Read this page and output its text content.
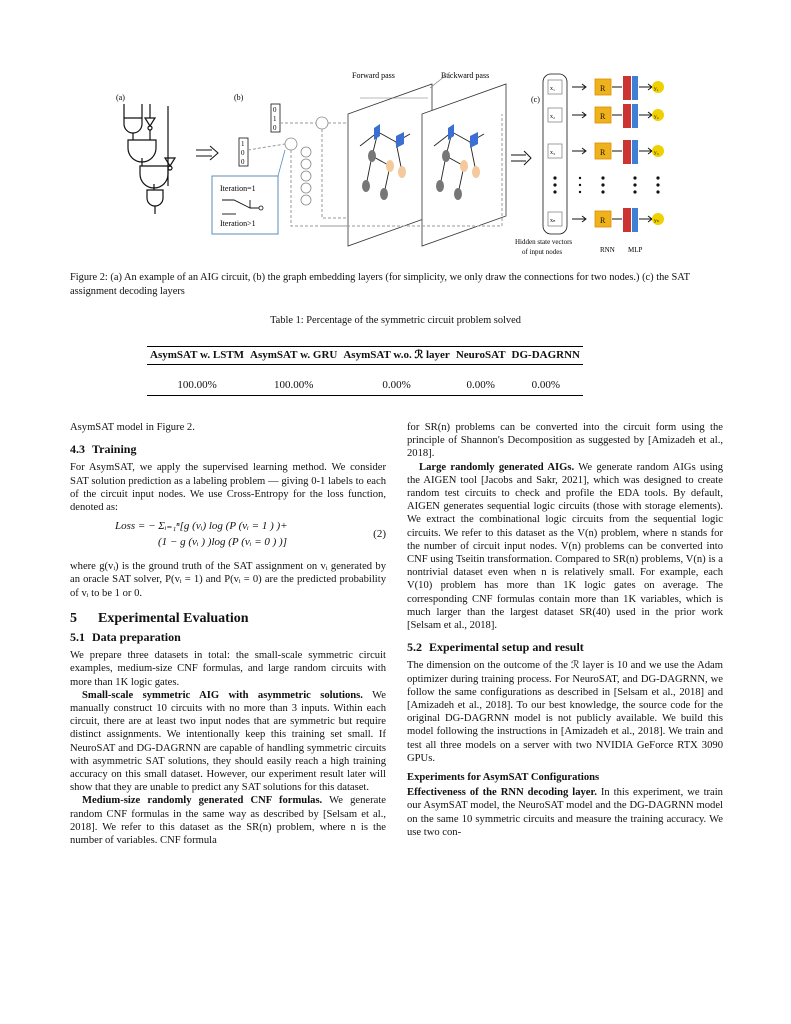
(a)	(b)	(c)
Forward pass	Backward pass
0
1
0
1
0
0
Iteration=1
Iteration>1
x₁
x₂
x₃
xₙ
R
R
R
R
y₁
y₂
y₃
yₙ
Hidden state vectors
of input nodes	RNN MLP
Figure 2: (a) An example of an AIG circuit, (b) the graph embedding layers (for simplicity, we only draw the connections for two nodes.) (c) the SAT assignment decoding layers
Table 1: Percentage of the symmetric circuit problem solved
AsymSAT w. LSTM	AsymSAT w. GRU	AsymSAT w.o. ℛ layer	NeuroSAT	DG-DAGRNN
100.00%	100.00%	0.00%	0.00%	0.00%

AsymSAT model in Figure 2.

4.3 Training

For AsymSAT, we apply the supervised learning method. We consider SAT solution prediction as a labeling problem — giving 0-1 labels to each of the circuit input nodes. We use Cross-Entropy for the loss function, denoted as:

Loss = − Σᵢ₌₁ⁿ[g (vᵢ) log (P (vᵢ = 1 ) )+
(1 − g (vᵢ ) )log (P (vᵢ = 0 ) )]
(2)

where g(vᵢ) is the ground truth of the SAT assignment on vᵢ generated by an oracle SAT solver, P(vᵢ = 1) and P(vᵢ = 0) are the predicted probability of vᵢ to be 1 or 0.

5 Experimental Evaluation
5.1 Data preparation

We prepare three datasets in total: the small-scale symmetric circuit examples, medium-size CNF formulas, and large random circuits with more than 1K logic gates.

Small-scale symmetric AIG with asymmetric solutions. We manually construct 10 circuits with no more than 3 inputs. Within each circuit, there are at least two input nodes that are symmetric but require distinct assignments. We intentionally keep this training set small. If NeuroSAT and DG-DAGRNN are capable of handling symmetric circuits with asymmetric SAT solutions, they should easily reach a high training accuracy on this small dataset. However, our experiment result later will show that they are unable to predict any SAT solutions for this dataset.

Medium-size randomly generated CNF formulas. We generate random CNF formulas in the same way as described by [Selsam et al., 2018]. We refer to this dataset as the SR(n) problem, where n is the number of variables. CNF formula

for SR(n) problems can be converted into the circuit form using the principle of Shannon's Decomposition as suggested by [Amizadeh et al., 2018].

Large randomly generated AIGs. We generate random AIGs using the AIGEN tool [Jacobs and Sakr, 2021], which was designed to create random test circuits to check and profile the EDA tools. By default, AIGEN generates sequential logic circuits (those with storage elements). We extract the combinational logic circuits from the sequential logic circuits. We refer to this dataset as the V(n) problem, where n stands for the number of circuit input nodes. V(n) problems can be converted into CNF using Tseitin transformation. Compared to SR(n) problems, V(n) is a nontrivial dataset even when n is relatively small. For example, each V(10) problem has more than 1K logic gates on average. The corresponding CNF formulas contain more than 1K variables, which is much larger than the largest dataset SR(40) used in the prior work [Selsam et al., 2018].

5.2 Experimental setup and result

The dimension on the outcome of the ℛ layer is 10 and we use the Adam optimizer during training process. For NeuroSAT, and DG-DAGRNN, we follow the same configurations as described in [Selsam et al., 2018] and [Amizadeh et al., 2018]. To our best knowledge, the source code for the original DG-DAGRNN model is not publicly available. We build this model following the instructions in [Amizadeh et al., 2018]. We train and test all three models on a server with two NVIDIA GeForce RTX 3090 GPUs.

Experiments for AsymSAT Configurations

Effectiveness of the RNN decoding layer. In this experiment, we train our AsymSAT model, the NeuroSAT model and the DG-DAGRNN model on the same 10 symmetric circuits and measure the training accuracy. We use two con-
